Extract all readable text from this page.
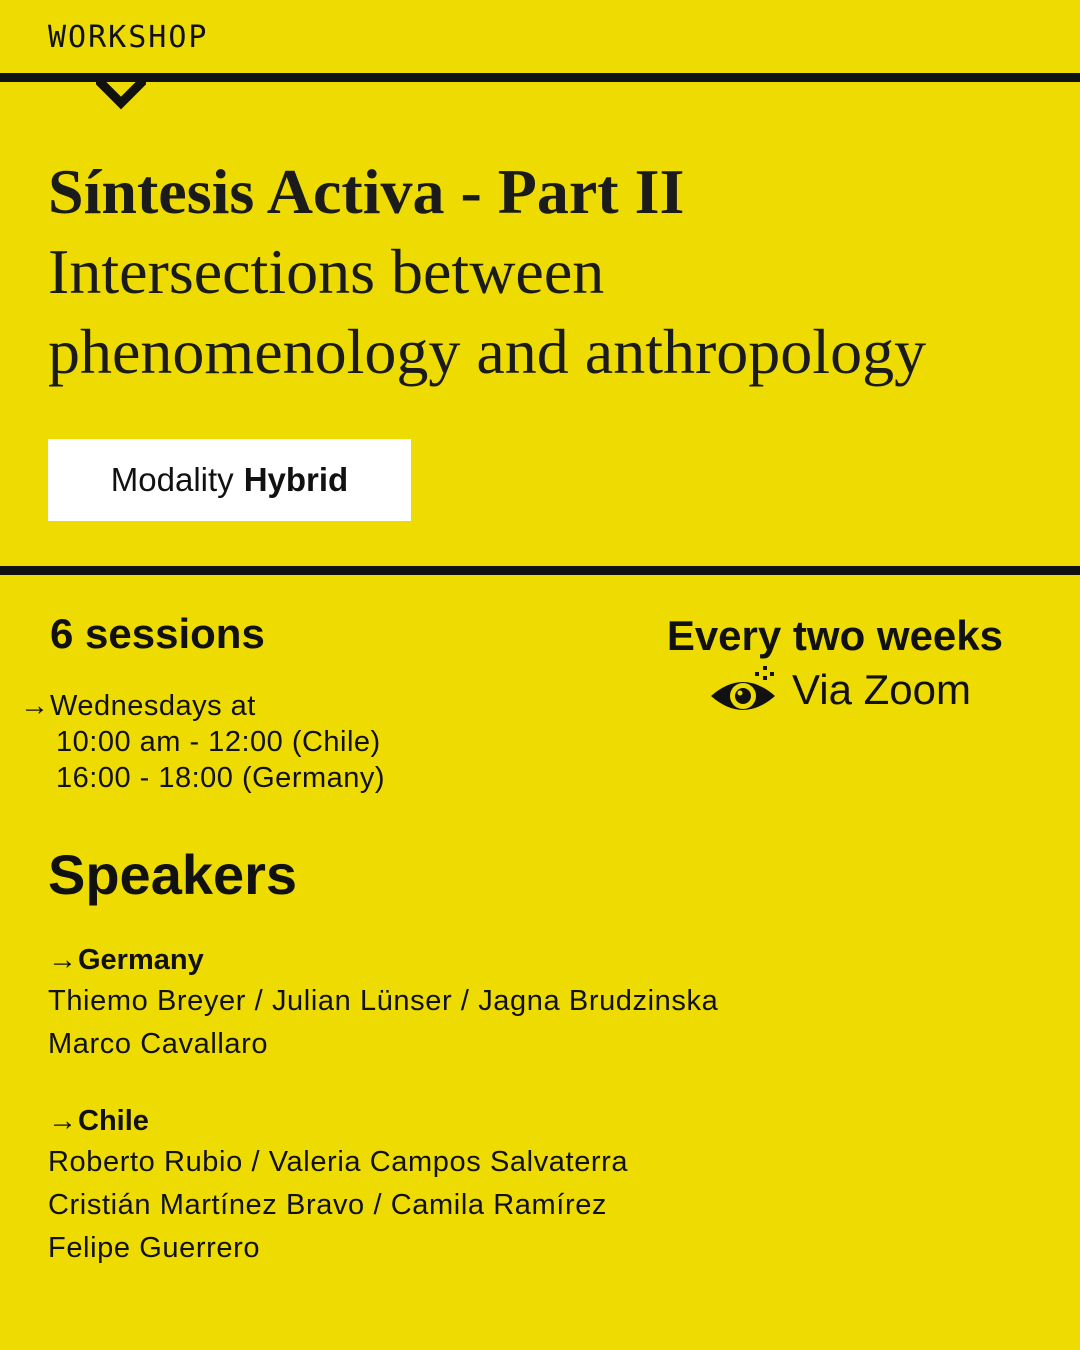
WORKSHOP
Síntesis Activa - Part II
Intersections between
phenomenology and anthropology
Modality Hybrid
6 sessions
→Wednesdays at
10:00 am - 12:00 (Chile)
16:00 - 18:00 (Germany)
Every two weeks
Via Zoom
Speakers
→Germany
Thiemo Breyer / Julian Lünser / Jagna Brudzinska
Marco Cavallaro
→Chile
Roberto Rubio / Valeria Campos Salvaterra
Cristián Martínez Bravo / Camila Ramírez
Felipe Guerrero
